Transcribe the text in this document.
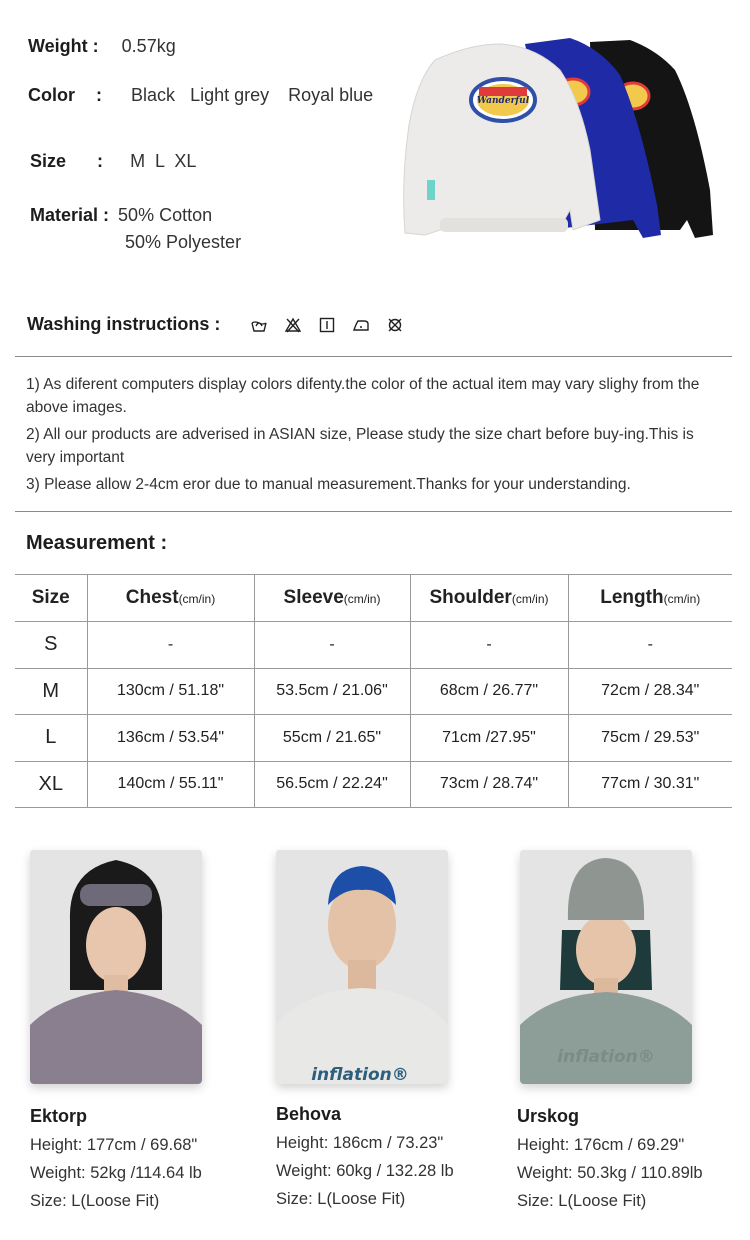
Weight : 0.57kg
Color : Black Light grey Royal blue
Size : M  L  XL
Material : 50% Cotton
50% Polyester
Wanderful
Washing instructions :

1) As diferent computers display colors difenty.the color of the actual item may vary slighy from the above images.

2) All our products are adverised in ASIAN size, Please study the size chart before buy-ing.This is very important

3) Please allow 2-4cm eror due to manual measurement.Thanks for your understanding.

Measurement :
Size	Chest(cm/in)	Sleeve(cm/in)	Shoulder(cm/in)	Length(cm/in)
S	-	-	-	-
M	130cm / 51.18"	53.5cm / 21.06"	68cm / 26.77"	72cm / 28.34"
L	136cm / 53.54"	55cm / 21.65"	71cm /27.95"	75cm / 29.53"
XL	140cm / 55.11"	56.5cm / 22.24"	73cm / 28.74"	77cm / 30.31"
Ektorp
Height: 177cm / 69.68"
Weight: 52kg /114.64 lb
Size: L(Loose Fit)
inflation®
Behova
Height: 186cm / 73.23"
Weight: 60kg / 132.28 lb
Size: L(Loose Fit)
inflation®
Urskog
Height: 176cm / 69.29"
Weight: 50.3kg / 110.89lb
Size: L(Loose Fit)
